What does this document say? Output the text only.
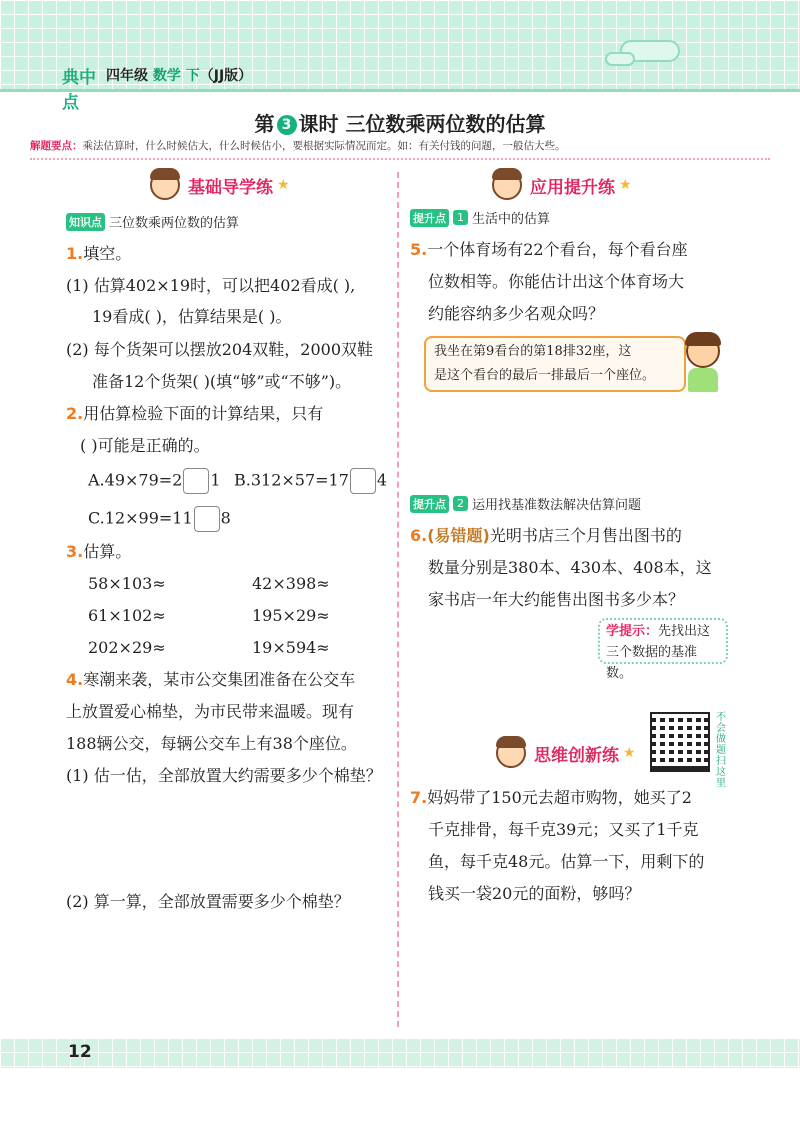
典中点
四年级 数学 下（JJ版）
第 3 课时 三位数乘两位数的估算
解题要点：乘法估算时，什么时候估大，什么时候估小，要根据实际情况而定。如：有关付钱的问题，一般估大些。
基础导学练 ★
知识点 三位数乘两位数的估算
1.填空。
(1) 估算402×19时，可以把402看成( ),
19看成( )，估算结果是( )。
(2) 每个货架可以摆放204双鞋，2000双鞋
准备12个货架( )(填“够”或“不够”)。
2.用估算检验下面的计算结果，只有
( )可能是正确的。
A.49×79=2 1 B.312×57=17 4
C.12×99=11 8
3.估算。
58×103≈	42×398≈
61×102≈	195×29≈
202×29≈	19×594≈
4.寒潮来袭，某市公交集团准备在公交车
上放置爱心棉垫，为市民带来温暖。现有
188辆公交，每辆公交车上有38个座位。
(1) 估一估，全部放置大约需要多少个棉垫？
(2) 算一算，全部放置需要多少个棉垫？
应用提升练 ★
提升点	1 生活中的估算
5.一个体育场有22个看台，每个看台座
位数相等。你能估计出这个体育场大
约能容纳多少名观众吗？
我坐在第9看台的第18排32座，这
是这个看台的最后一排最后一个座位。
提升点	2 运用找基准数法解决估算问题
6.(易错题)光明书店三个月售出图书的
数量分别是380本、430本、408本，这
家书店一年大约能售出图书多少本？
学提示：先找出这
三个数据的基准数。
不会做题扫这里
思维创新练 ★
7.妈妈带了150元去超市购物，她买了2
千克排骨，每千克39元；又买了1千克
鱼，每千克48元。估算一下，用剩下的
钱买一袋20元的面粉，够吗？
12
